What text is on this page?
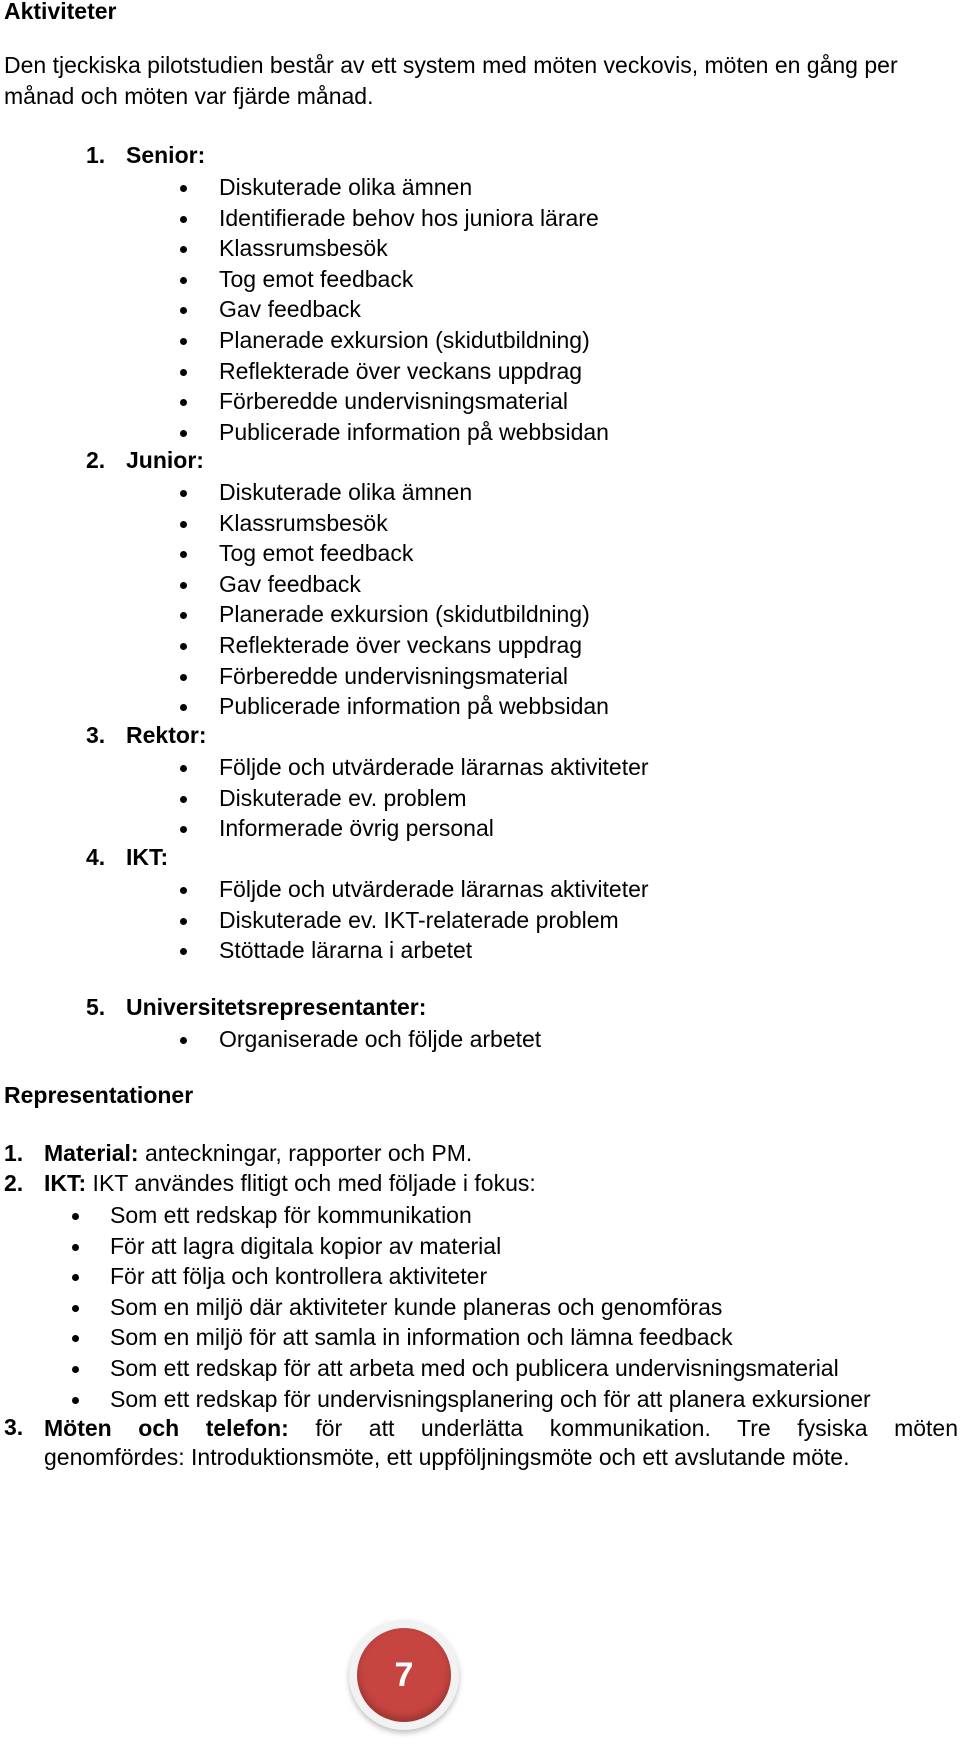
Aktiviteter

Den tjeckiska pilotstudien består av ett system med möten veckovis, möten en gång per månad och möten var fjärde månad.

1. Senior:
Diskuterade olika ämnen
Identifierade behov hos juniora lärare
Klassrumsbesök
Tog emot feedback
Gav feedback
Planerade exkursion (skidutbildning)
Reflekterade över veckans uppdrag
Förberedde undervisningsmaterial
Publicerade information på webbsidan
2. Junior:
Diskuterade olika ämnen
Klassrumsbesök
Tog emot feedback
Gav feedback
Planerade exkursion (skidutbildning)
Reflekterade över veckans uppdrag
Förberedde undervisningsmaterial
Publicerade information på webbsidan
3. Rektor:
Följde och utvärderade lärarnas aktiviteter
Diskuterade ev. problem
Informerade övrig personal
4. IKT:
Följde och utvärderade lärarnas aktiviteter
Diskuterade ev. IKT-relaterade problem
Stöttade lärarna i arbetet
5. Universitetsrepresentanter:
Organiserade och följde arbetet
Representationer
1. Material: anteckningar, rapporter och PM.
2. IKT: IKT användes flitigt och med följade i fokus:
Som ett redskap för kommunikation
För att lagra digitala kopior av material
För att följa och kontrollera aktiviteter
Som en miljö där aktiviteter kunde planeras och genomföras
Som en miljö för att samla in information och lämna feedback
Som ett redskap för att arbeta med och publicera undervisningsmaterial
Som ett redskap för undervisningsplanering och för att planera exkursioner
3. Möten och telefon: för att underlätta kommunikation. Tre fysiska möten
genomfördes: Introduktionsmöte, ett uppföljningsmöte och ett avslutande möte.
7
